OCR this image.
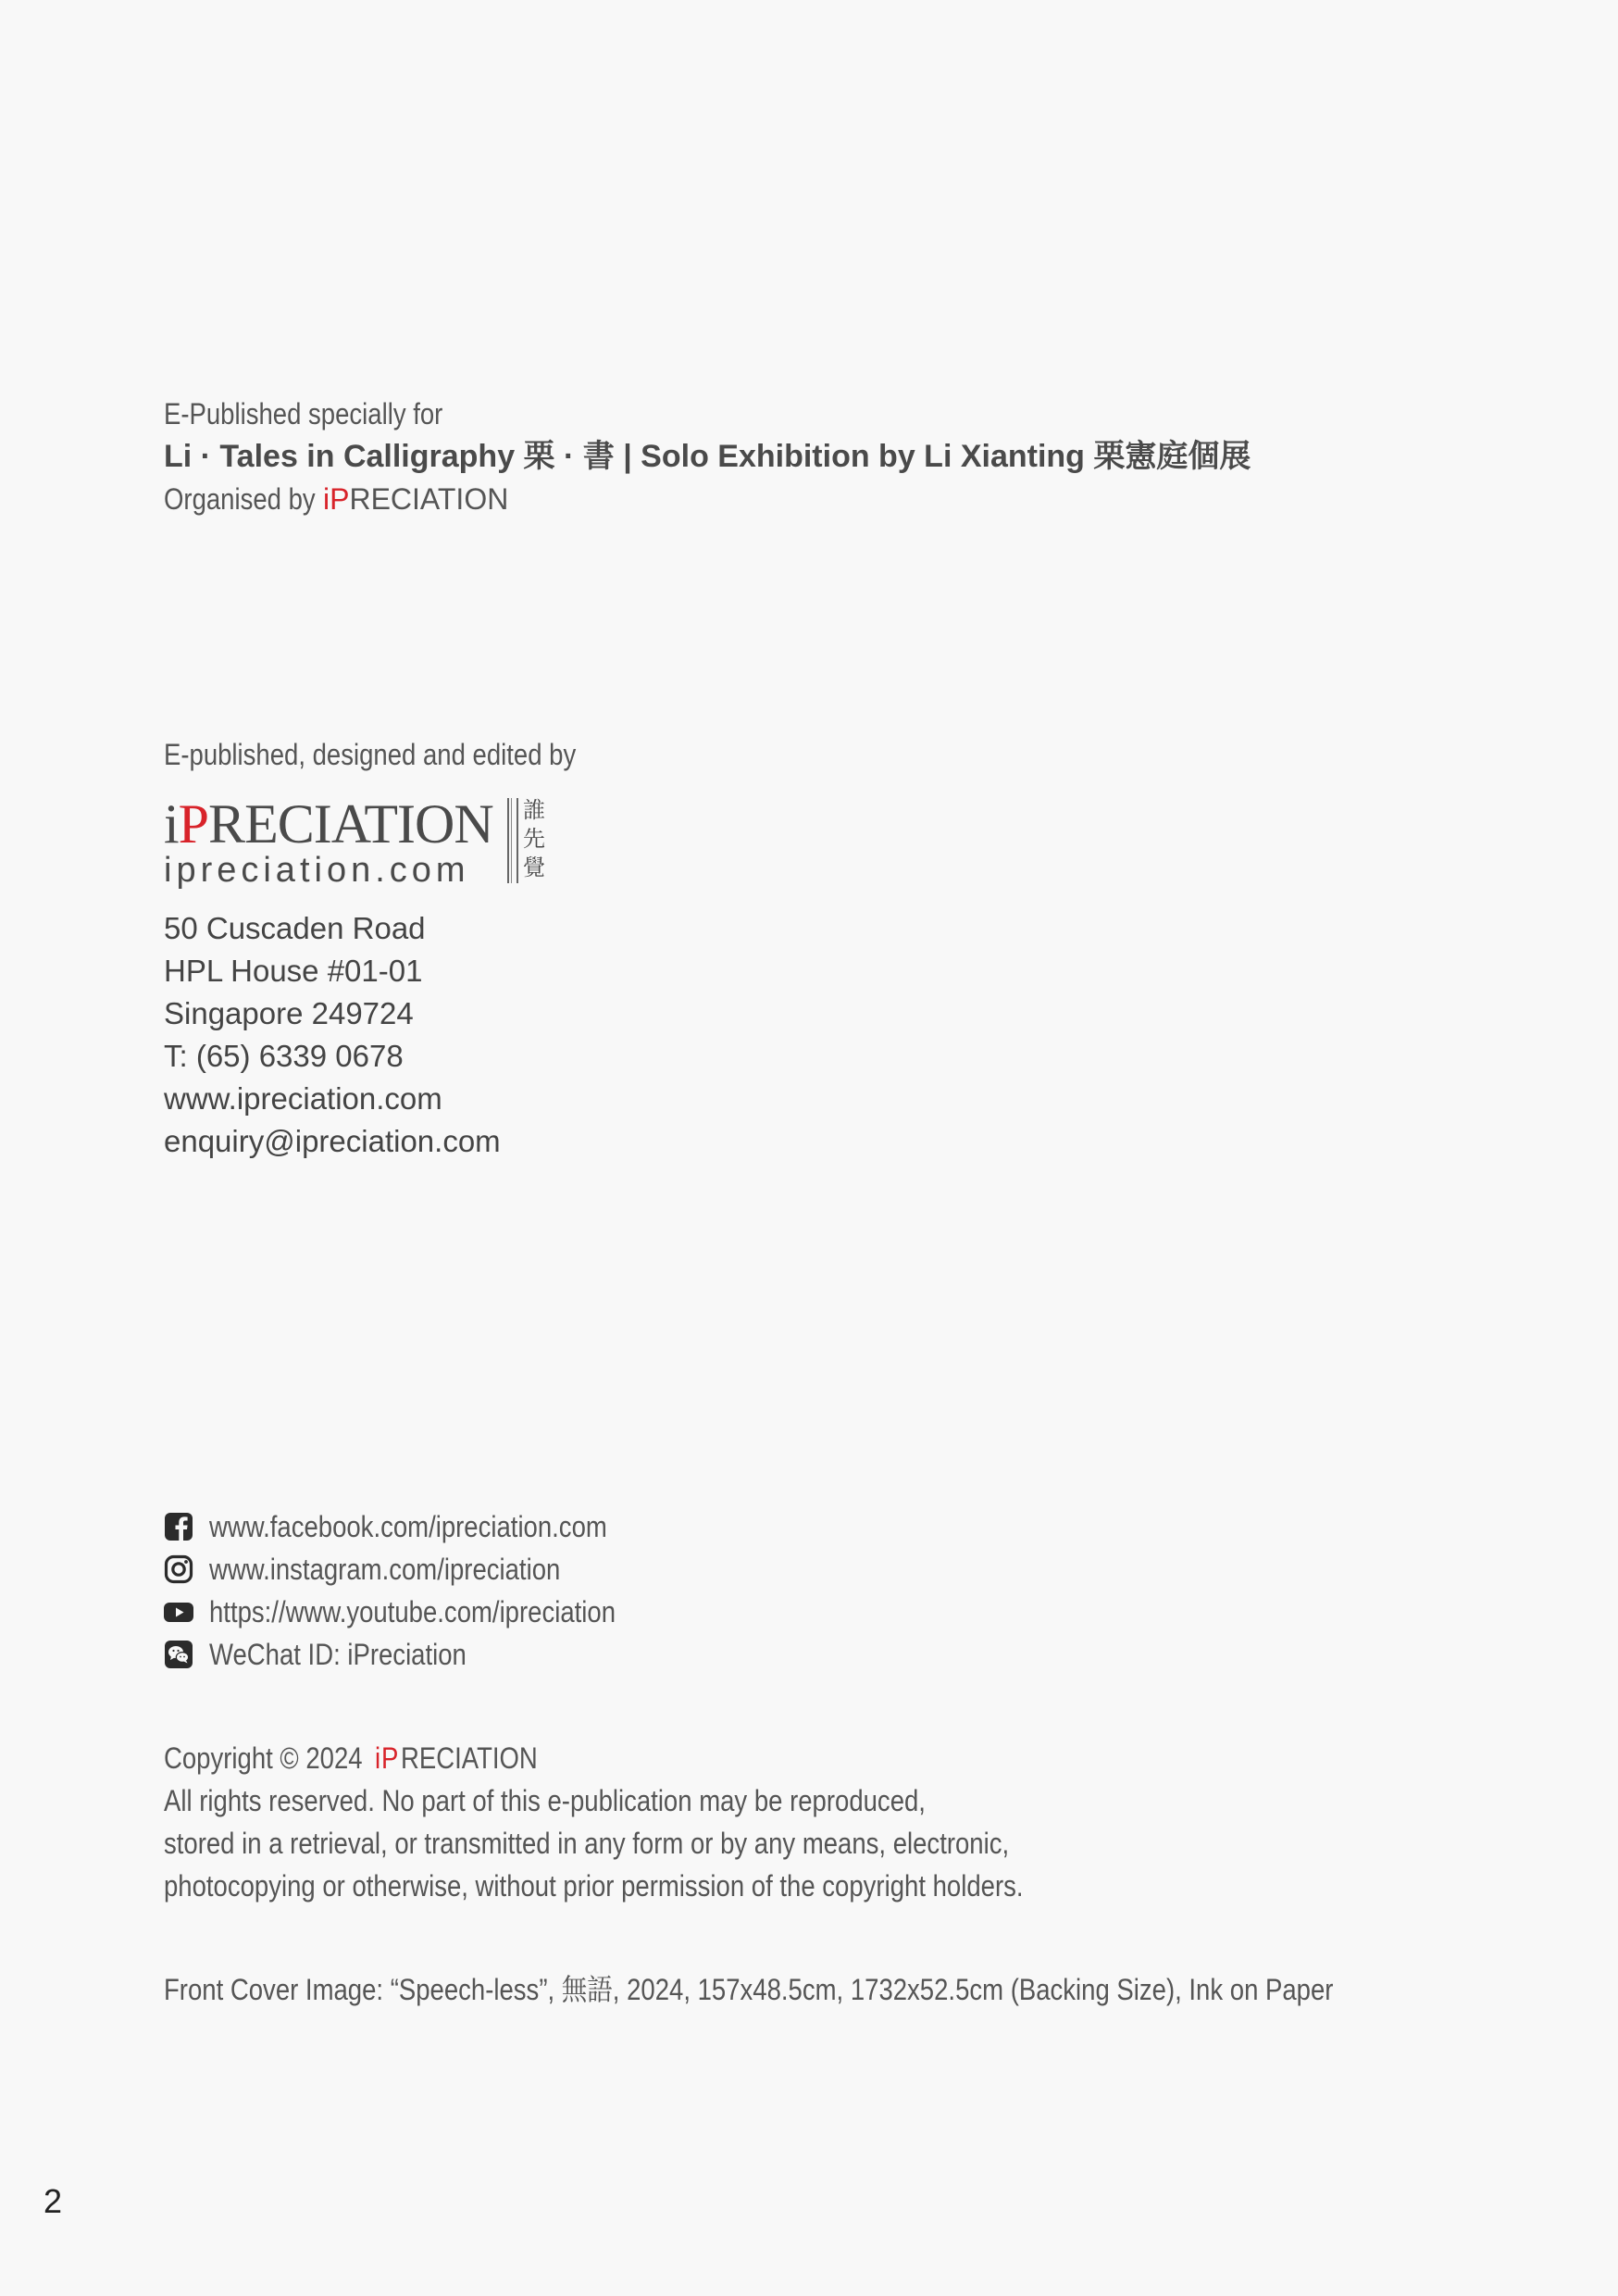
E-Published specially for
Li · Tales in Calligraphy 栗 · 書 | Solo Exhibition by Li Xianting 栗憲庭個展
Organised byiPRECIATION
E-published, designed and edited by
iPRECIATION
ipreciation.com
誰
先
覺
50 Cuscaden Road
HPL House #01-01
Singapore 249724
T: (65) 6339 0678
www.ipreciation.com
enquiry@ipreciation.com
www.facebook.com/ipreciation.com
www.instagram.com/ipreciation
https://www.youtube.com/ipreciation
WeChat ID: iPreciation
Copyright © 2024iPRECIATION
All rights reserved. No part of this e-publication may be reproduced,
stored in a retrieval, or transmitted in any form or by any means, electronic,
photocopying or otherwise, without prior permission of the copyright holders.
Front Cover Image: “Speech-less”, 無語, 2024, 157x48.5cm, 1732x52.5cm (Backing Size), Ink on Paper
2
